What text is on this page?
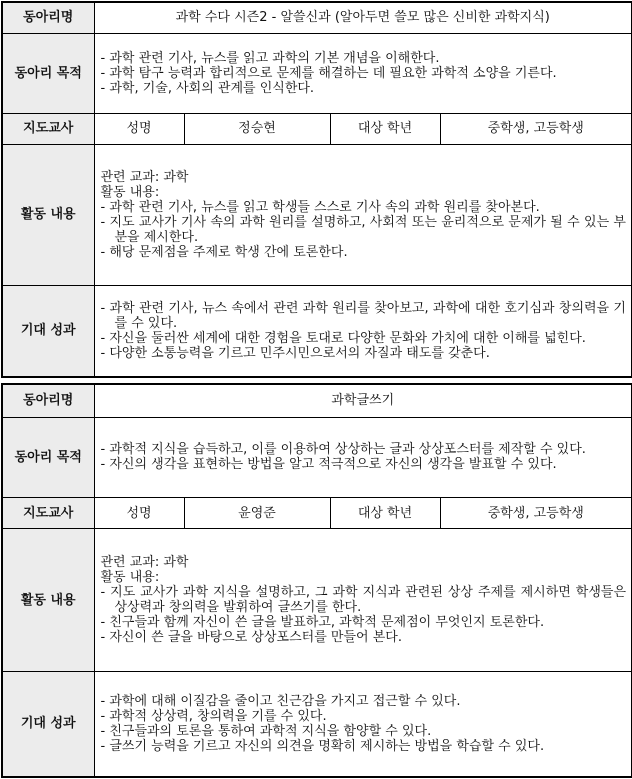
동아리명	과학 수다 시즌2 - 알쓸신과 (알아두면 쓸모 많은 신비한 과학지식)			
동아리 목적	- 과학 관련 기사, 뉴스를 읽고 과학의 기본 개념을 이해한다.
- 과학 탐구 능력과 합리적으로 문제를 해결하는 데 필요한 과학적 소양을 기른다.
- 과학, 기술, 사회의 관계를 인식한다.			

지도교사	성명	정승현	대상 학년	중학생, 고등학생
활동 내용	관련 교과: 과학
활동 내용:
- 과학 관련 기사, 뉴스를 읽고 학생들 스스로 기사 속의 과학 원리를 찾아본다.
- 지도 교사가 기사 속의 과학 원리를 설명하고, 사회적 또는 윤리적으로 문제가 될 수 있는 부분을 제시한다.
- 해당 문제점을 주제로 학생 간에 토론한다.			

기대 성과	- 과학 관련 기사, 뉴스 속에서 관련 과학 원리를 찾아보고, 과학에 대한 호기심과 창의력을 기를 수 있다.
- 자신을 둘러싼 세계에 대한 경험을 토대로 다양한 문화와 가치에 대한 이해를 넓힌다.
- 다양한 소통능력을 기르고 민주시민으로서의 자질과 태도를 갖춘다.			
동아리명	과학글쓰기			
동아리 목적	- 과학적 지식을 습득하고, 이를 이용하여 상상하는 글과 상상포스터를 제작할 수 있다.
- 자신의 생각을 표현하는 방법을 알고 적극적으로 자신의 생각을 발표할 수 있다.			

지도교사	성명	윤영준	대상 학년	중학생, 고등학생
활동 내용	관련 교과: 과학
활동 내용:
- 지도 교사가 과학 지식을 설명하고, 그 과학 지식과 관련된 상상 주제를 제시하면 학생들은 상상력과 창의력을 발휘하여 글쓰기를 한다.
- 친구들과 함께 자신이 쓴 글을 발표하고, 과학적 문제점이 무엇인지 토론한다.
- 자신이 쓴 글을 바탕으로 상상포스터를 만들어 본다.			

기대 성과	- 과학에 대해 이질감을 줄이고 친근감을 가지고 접근할 수 있다.
- 과학적 상상력, 창의력을 기를 수 있다.
- 친구들과의 토론을 통하여 과학적 지식을 함양할 수 있다.
- 글쓰기 능력을 기르고 자신의 의견을 명확히 제시하는 방법을 학습할 수 있다.			
